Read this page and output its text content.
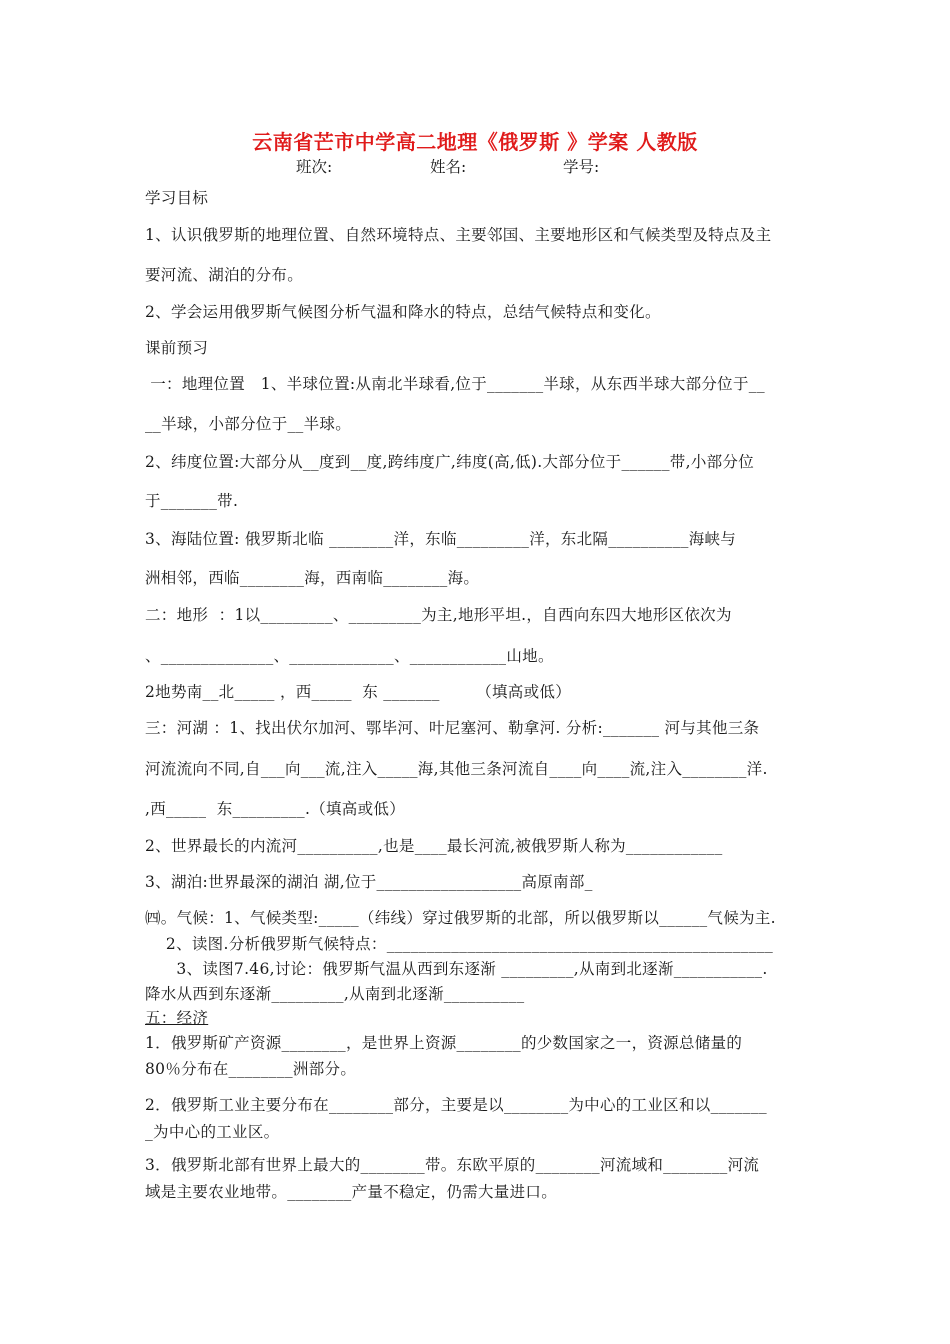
云南省芒市中学高二地理《俄罗斯 》学案 人教版
班次:	姓名:	学号:
学习目标
1、认识俄罗斯的地理位置、自然环境特点、主要邻国、主要地形区和气候类型及特点及主
要河流、湖泊的分布。
2、学会运用俄罗斯气候图分析气温和降水的特点，总结气候特点和变化。
课前预习
一：地理位置   1、半球位置:从南北半球看,位于_______半球，从东西半球大部分位于__
__半球，小部分位于__半球。
2、纬度位置:大部分从__度到__度,跨纬度广,纬度(高,低).大部分位于______带,小部分位
于_______带.
3、海陆位置: 俄罗斯北临 ________洋，东临_________洋，东北隔__________海峡与
洲相邻，西临________海，西南临________海。
二：地形  ：1以_________、_________为主,地形平坦.，自西向东四大地形区依次为
、______________、_____________、____________山地。
2地势南__北_____ ，西_____  东 _______       （填高或低）
三：河湖 ：1、找出伏尔加河、鄂毕河、叶尼塞河、勒拿河. 分析:_______ 河与其他三条
河流流向不同,自___向___流,注入_____海,其他三条河流自____向____流,注入________洋.
,西_____  东_________.（填高或低）
2、世界最长的内流河__________,也是____最长河流,被俄罗斯人称为____________
3、湖泊:世界最深的湖泊 湖,位于__________________高原南部_
㈣。气候：1、气候类型:_____（纬线）穿过俄罗斯的北部，所以俄罗斯以______气候为主.
2、读图.分析俄罗斯气候特点：________________________________________________
3、读图7.46,讨论：俄罗斯气温从西到东逐渐 _________,从南到北逐渐___________.
降水从西到东逐渐_________,从南到北逐渐__________
五：经济
1．俄罗斯矿产资源________，是世界上资源________的少数国家之一，资源总储量的
80％分布在________洲部分。
2．俄罗斯工业主要分布在________部分，主要是以________为中心的工业区和以_______
_为中心的工业区。
3．俄罗斯北部有世界上最大的________带。东欧平原的________河流域和________河流
域是主要农业地带。________产量不稳定，仍需大量进口。
